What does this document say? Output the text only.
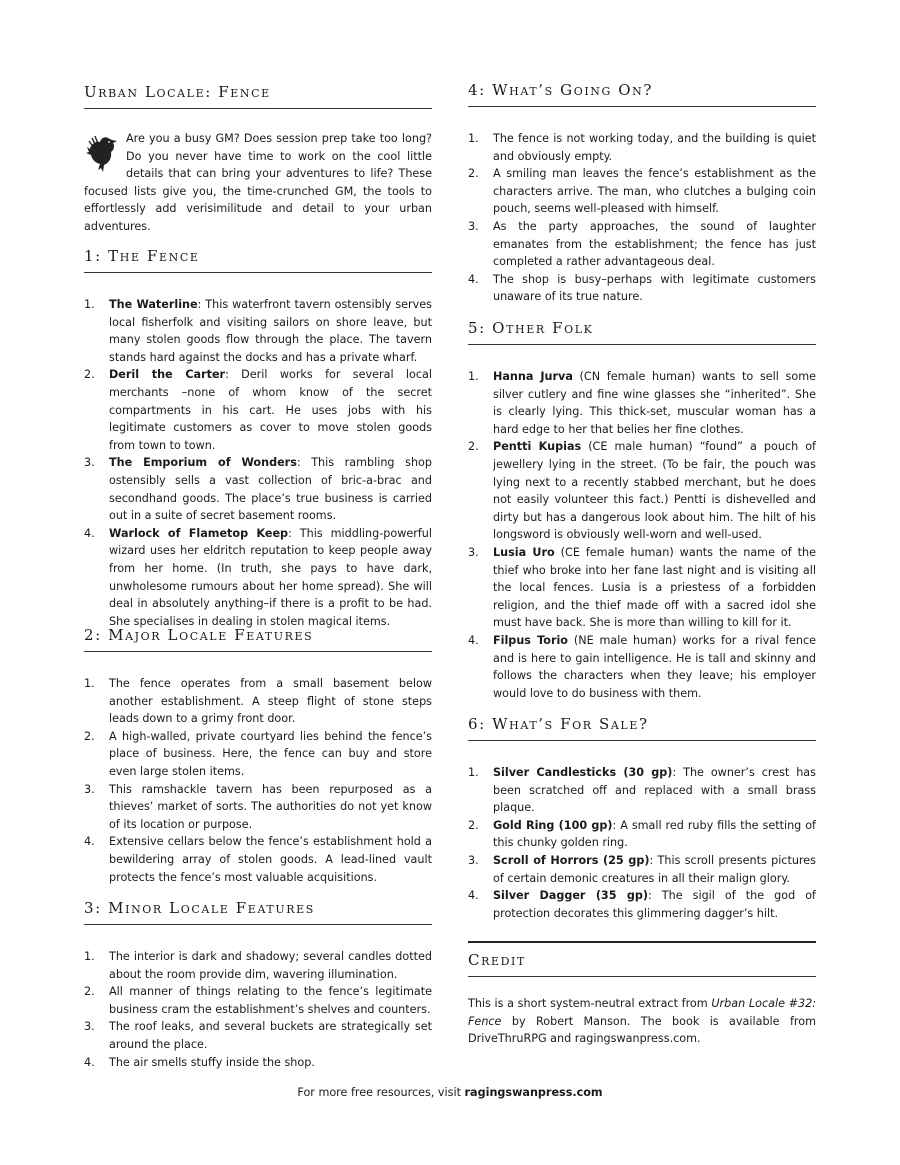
Urban Locale: Fence

Are you a busy GM? Does session prep take too long? Do you never have time to work on the cool little details that can bring your adventures to life? These focused lists give you, the time-crunched GM, the tools to effortlessly add verisimilitude and detail to your urban adventures.

1: The Fence
1. The Waterline: This waterfront tavern ostensibly serves local fisherfolk and visiting sailors on shore leave, but many stolen goods flow through the place. The tavern stands hard against the docks and has a private wharf.
2. Deril the Carter: Deril works for several local merchants –none of whom know of the secret compartments in his cart. He uses jobs with his legitimate customers as cover to move stolen goods from town to town.
3. The Emporium of Wonders: This rambling shop ostensibly sells a vast collection of bric-a-brac and secondhand goods. The place’s true business is carried out in a suite of secret basement rooms.
4. Warlock of Flametop Keep: This middling-powerful wizard uses her eldritch reputation to keep people away from her home. (In truth, she pays to have dark, unwholesome rumours about her home spread). She will deal in absolutely anything–if there is a profit to be had. She specialises in dealing in stolen magical items.
2: Major Locale Features
1. The fence operates from a small basement below another establishment. A steep flight of stone steps leads down to a grimy front door.
2. A high-walled, private courtyard lies behind the fence’s place of business. Here, the fence can buy and store even large stolen items.
3. This ramshackle tavern has been repurposed as a thieves’ market of sorts. The authorities do not yet know of its location or purpose.
4. Extensive cellars below the fence’s establishment hold a bewildering array of stolen goods. A lead-lined vault protects the fence’s most valuable acquisitions.
3: Minor Locale Features
1. The interior is dark and shadowy; several candles dotted about the room provide dim, wavering illumination.
2. All manner of things relating to the fence’s legitimate business cram the establishment’s shelves and counters.
3. The roof leaks, and several buckets are strategically set around the place.
4. The air smells stuffy inside the shop.
4: What’s Going On?
1. The fence is not working today, and the building is quiet and obviously empty.
2. A smiling man leaves the fence’s establishment as the characters arrive. The man, who clutches a bulging coin pouch, seems well-pleased with himself.
3. As the party approaches, the sound of laughter emanates from the establishment; the fence has just completed a rather advantageous deal.
4. The shop is busy–perhaps with legitimate customers unaware of its true nature.
5: Other Folk
1. Hanna Jurva (CN female human) wants to sell some silver cutlery and fine wine glasses she “inherited”. She is clearly lying. This thick-set, muscular woman has a hard edge to her that belies her fine clothes.
2. Pentti Kupias (CE male human) “found” a pouch of jewellery lying in the street. (To be fair, the pouch was lying next to a recently stabbed merchant, but he does not easily volunteer this fact.) Pentti is dishevelled and dirty but has a dangerous look about him. The hilt of his longsword is obviously well-worn and well-used.
3. Lusia Uro (CE female human) wants the name of the thief who broke into her fane last night and is visiting all the local fences. Lusia is a priestess of a forbidden religion, and the thief made off with a sacred idol she must have back. She is more than willing to kill for it.
4. Filpus Torio (NE male human) works for a rival fence and is here to gain intelligence. He is tall and skinny and follows the characters when they leave; his employer would love to do business with them.
6: What’s For Sale?
1. Silver Candlesticks (30 gp): The owner’s crest has been scratched off and replaced with a small brass plaque.
2. Gold Ring (100 gp): A small red ruby fills the setting of this chunky golden ring.
3. Scroll of Horrors (25 gp): This scroll presents pictures of certain demonic creatures in all their malign glory.
4. Silver Dagger (35 gp): The sigil of the god of protection decorates this glimmering dagger’s hilt.
Credit

This is a short system-neutral extract from Urban Locale #32: Fence by Robert Manson. The book is available from DriveThruRPG and ragingswanpress.com.

For more free resources, visit ragingswanpress.com
